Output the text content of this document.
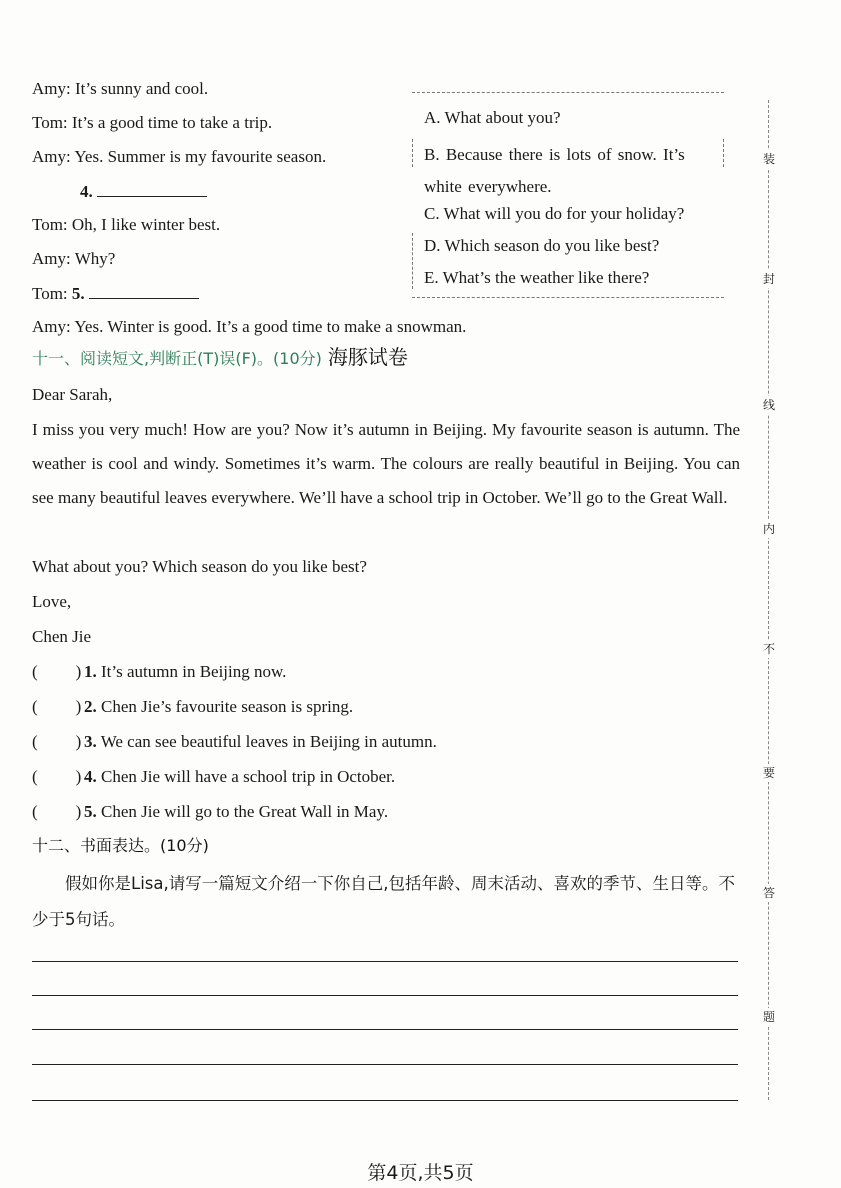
Amy: It’s sunny and cool.
Tom: It’s a good time to take a trip.
Amy: Yes. Summer is my favourite season.
4.
Tom: Oh, I like winter best.
Amy: Why?
Tom: 5.
Amy: Yes. Winter is good. It’s a good time to make a snowman.
A. What about you?
B. Because there is lots of snow. It’s white everywhere.
C. What will you do for your holiday?
D. Which season do you like best?
E. What’s the weather like there?
十一、阅读短文,判断正(T)误(F)。(10分) 海豚试卷
Dear Sarah,
I miss you very much! How are you? Now it’s autumn in Beijing. My favourite season is autumn. The weather is cool and windy. Sometimes it’s warm. The colours are really beautiful in Beijing. You can see many beautiful leaves everywhere. We’ll have a school trip in October. We’ll go to the Great Wall.
What about you? Which season do you like best?
Love,
Chen Jie
( ) 1. It’s autumn in Beijing now.
( ) 2. Chen Jie’s favourite season is spring.
( ) 3. We can see beautiful leaves in Beijing in autumn.
( ) 4. Chen Jie will have a school trip in October.
( ) 5. Chen Jie will go to the Great Wall in May.
十二、书面表达。(10分)
假如你是Lisa,请写一篇短文介绍一下你自己,包括年龄、周末活动、喜欢的季节、生日等。不少于5句话。
装
封
线
内
不
要
答
题
第4页,共5页
